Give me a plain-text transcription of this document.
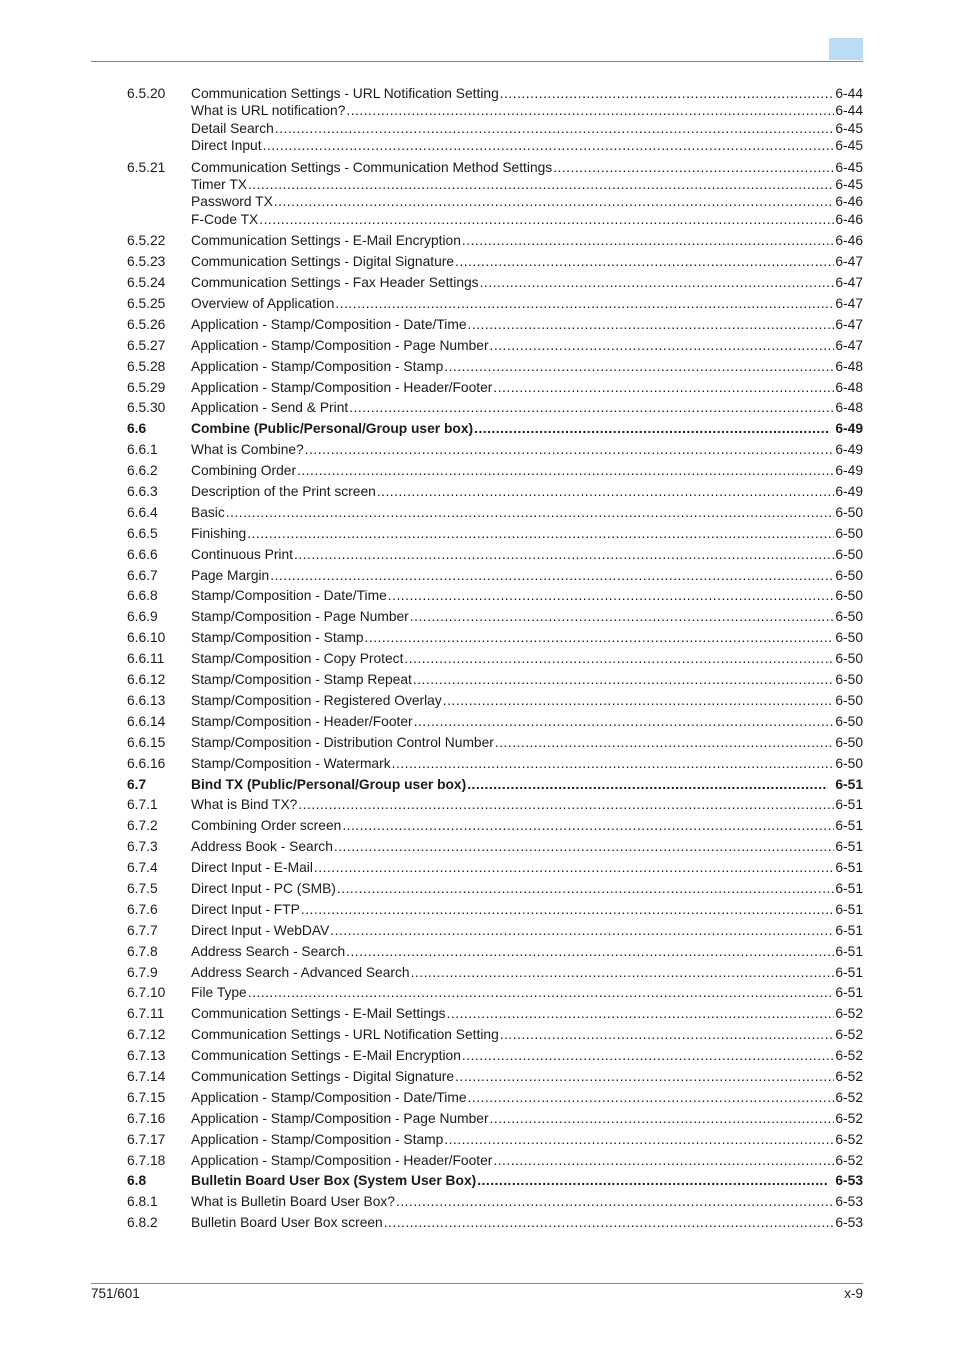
6.5.20	Communication Settings - URL Notification Setting .....	6-44
What is URL notification? .....	6-44
Detail Search .....	6-45
Direct Input .....	6-45
6.5.21	Communication Settings - Communication Method Settings .....	6-45
Timer TX .....	6-45
Password TX .....	6-46
F-Code TX .....	6-46
6.5.22	Communication Settings - E-Mail Encryption .....	6-46
6.5.23	Communication Settings - Digital Signature .....	6-47
6.5.24	Communication Settings - Fax Header Settings .....	6-47
6.5.25	Overview of Application .....	6-47
6.5.26	Application - Stamp/Composition - Date/Time .....	6-47
6.5.27	Application - Stamp/Composition - Page Number .....	6-47
6.5.28	Application - Stamp/Composition - Stamp .....	6-48
6.5.29	Application - Stamp/Composition - Header/Footer .....	6-48
6.5.30	Application - Send & Print .....	6-48
6.6	Combine (Public/Personal/Group user box) .....	6-49
6.6.1	What is Combine? .....	6-49
6.6.2	Combining Order .....	6-49
6.6.3	Description of the Print screen .....	6-49
6.6.4	Basic .....	6-50
6.6.5	Finishing .....	6-50
6.6.6	Continuous Print .....	6-50
6.6.7	Page Margin .....	6-50
6.6.8	Stamp/Composition - Date/Time .....	6-50
6.6.9	Stamp/Composition - Page Number .....	6-50
6.6.10	Stamp/Composition - Stamp .....	6-50
6.6.11	Stamp/Composition - Copy Protect .....	6-50
6.6.12	Stamp/Composition - Stamp Repeat .....	6-50
6.6.13	Stamp/Composition - Registered Overlay .....	6-50
6.6.14	Stamp/Composition - Header/Footer .....	6-50
6.6.15	Stamp/Composition - Distribution Control Number .....	6-50
6.6.16	Stamp/Composition - Watermark .....	6-50
6.7	Bind TX (Public/Personal/Group user box) .....	6-51
6.7.1	What is Bind TX? .....	6-51
6.7.2	Combining Order screen .....	6-51
6.7.3	Address Book - Search .....	6-51
6.7.4	Direct Input - E-Mail .....	6-51
6.7.5	Direct Input - PC (SMB) .....	6-51
6.7.6	Direct Input - FTP .....	6-51
6.7.7	Direct Input - WebDAV .....	6-51
6.7.8	Address Search - Search .....	6-51
6.7.9	Address Search - Advanced Search .....	6-51
6.7.10	File Type .....	6-51
6.7.11	Communication Settings - E-Mail Settings .....	6-52
6.7.12	Communication Settings - URL Notification Setting .....	6-52
6.7.13	Communication Settings - E-Mail Encryption .....	6-52
6.7.14	Communication Settings - Digital Signature .....	6-52
6.7.15	Application - Stamp/Composition - Date/Time .....	6-52
6.7.16	Application - Stamp/Composition - Page Number .....	6-52
6.7.17	Application - Stamp/Composition - Stamp .....	6-52
6.7.18	Application - Stamp/Composition - Header/Footer .....	6-52
6.8	Bulletin Board User Box (System User Box) .....	6-53
6.8.1	What is Bulletin Board User Box? .....	6-53
6.8.2	Bulletin Board User Box screen .....	6-53
751/601	x-9
